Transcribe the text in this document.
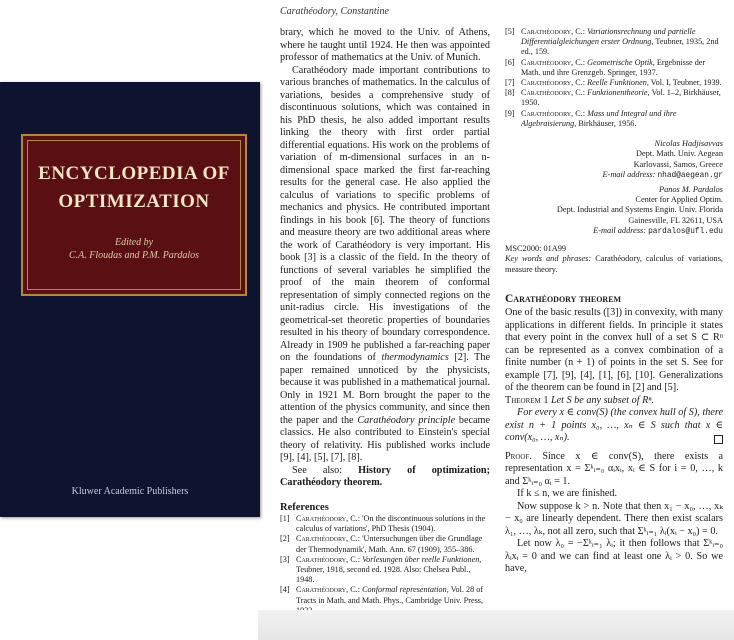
ENCYCLOPEDIA OF
OPTIMIZATION
Edited by
C.A. Floudas and P.M. Pardalos
Kluwer Academic Publishers
Carathéodory, Constantine

brary, which he moved to the Univ. of Athens, where he taught until 1924. He then was appointed professor of mathematics at the Univ. of Munich.

Carathéodory made important contributions to various branches of mathematics. In the calculus of variations, besides a comprehensive study of discontinuous solutions, which was contained in his PhD thesis, he also added important results linking the theory with first order partial differential equations. His work on the problems of variation of m-dimensional surfaces in an n-dimensional space marked the first far-reaching results for the general case. He also applied the calculus of variations to specific problems of mechanics and physics. He contributed important findings in his book [6]. The theory of functions and measure theory are two additional areas where the work of Carathéodory is very important. His book [3] is a classic of the field. In the theory of functions of several variables he simplified the proof of the main theorem of conformal representation of simply connected regions on the unit-radius circle. His investigations of the geometrical-set theoretic properties of boundaries resulted in his theory of boundary correspondence. Already in 1909 he published a far-reaching paper on the foundations of thermodynamics [2]. The paper remained unnoticed by the physicists, because it was published in a mathematical journal. Only in 1921 M. Born brought the paper to the attention of the physics community, and since then the paper and the Carathéodory principle became classics. He also contributed to Einstein's special theory of relativity. His published works include [9], [4], [5], [7], [8].

See also: History of optimization; Carathéodory theorem.

References

[1] Carathéodory, C.: 'On the discontinuous solutions in the calculus of variations', PhD Thesis (1904).

[2] Carathéodory, C.: 'Untersuchungen über die Grundlage der Thermodynamik', Math. Ann. 67 (1909), 355–386.

[3] Carathéodory, C.: Vorlesungen über reelle Funktionen, Teubner, 1918, second ed. 1928. Also: Chelsea Publ., 1948.

[4] Carathéodory, C.: Conformal representation, Vol. 28 of Tracts in Math. and Math. Phys., Cambridge Univ. Press,

[5] Carathéodory, C.: Variationsrechnung und partielle Differentialgleichungen erster Ordnung, Teubner, 1935, 2nd ed., 159.

[6] Carathéodory, C.: Geometrische Optik, Ergebnisse der Math. und ihre Grenzgeb. Springer, 1937.

[7] Carathéodory, C.: Reelle Funktionen, Vol. I, Teubner, 1939.

[8] Carathéodory, C.: Funktionentheorie, Vol. 1–2, Birkhäuser, 1950.

[9] Carathéodory, C.: Mass und Integral und ihre Algebraisierung, Birkhäuser, 1956.

Nicolas Hadjisavvas
Dept. Math. Univ. Aegean
Karlovassi, Samos, Greece
E-mail address: nhad@aegean.gr
Panos M. Pardalos
Center for Applied Optim.
Dept. Industrial and Systems Engin. Univ. Florida
Gainesville, FL 32611, USA
E-mail address: pardalos@ufl.edu
MSC2000: 01A99
Key words and phrases: Carathéodory, calculus of variations, measure theory.
Carathéodory theorem

One of the basic results ([3]) in convexity, with many applications in different fields. In principle it states that every point in the convex hull of a set S ⊂ Rⁿ can be represented as a convex combination of a finite number (n + 1) of points in the set S. See for example [7], [9], [4], [1], [6], [10]. Generalizations of the theorem can be found in [2] and [5].

Theorem 1 Let S be any subset of Rⁿ.

For every x ∈ conv(S) (the convex hull of S), there exist n + 1 points x₀, …, xₙ ∈ S such that x ∈ conv(x₀, …, xₙ).

Proof. Since x ∈ conv(S), there exists a representation x = Σᵏᵢ₌₀ αᵢxᵢ, xᵢ ∈ S for i = 0, …, k and Σᵏᵢ₌₀ αᵢ = 1.

If k ≤ n, we are finished.

Now suppose k > n. Note that then x₁ − x₀, …, xₖ − x₀ are linearly dependent. There then exist scalars λ₁, …, λₖ, not all zero, such that Σᵏᵢ₌₁ λᵢ(xᵢ − x₀) = 0.

Let now λ₀ = −Σᵏᵢ₌₁ λᵢ; it then follows that Σᵏᵢ₌₀ λᵢxᵢ = 0 and we can find at least one λᵢ > 0. So we have,
